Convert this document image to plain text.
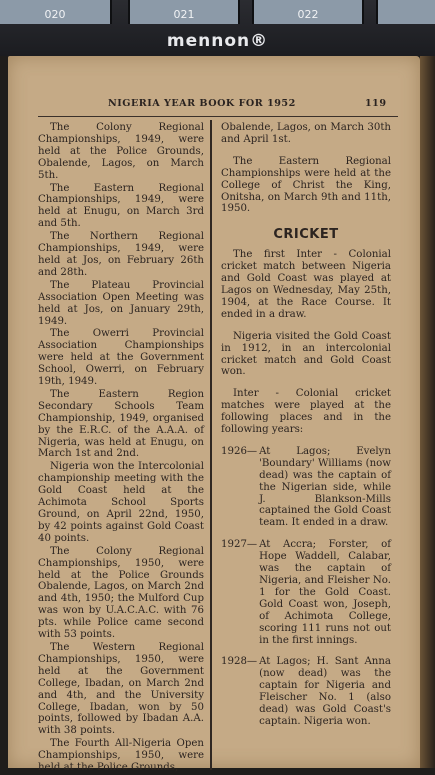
020	021	022
mennon®
NIGERIA YEAR BOOK FOR 1952	119

The Colony Regional Championships, 1949, were held at the Police Grounds, Obalende, Lagos, on March 5th.

The Eastern Regional Championships, 1949, were held at Enugu, on March 3rd and 5th.

The Northern Regional Championships, 1949, were held at Jos, on February 26th and 28th.

The Plateau Provincial Association Open Meeting was held at Jos, on January 29th, 1949.

The Owerri Provincial Association Championships were held at the Government School, Owerri, on February 19th, 1949.

The Eastern Region Secondary Schools Team Championship, 1949, organised by the E.R.C. of the A.A.A. of Nigeria, was held at Enugu, on March 1st and 2nd.

Nigeria won the Intercolonial championship meeting with the Gold Coast held at the Achimota School Sports Ground, on April 22nd, 1950, by 42 points against Gold Coast 40 points.

The Colony Regional Championships, 1950, were held at the Police Grounds Obalende, Lagos, on March 2nd and 4th, 1950; the Mulford Cup was won by U.A.C.A.C. with 76 pts. while Police came second with 53 points.

The Western Regional Championships, 1950, were held at the Government College, Ibadan, on March 2nd and 4th, and the University College, Ibadan, won by 50 points, followed by Ibadan A.A. with 38 points.

The Fourth All-Nigeria Open Championships, 1950, were held at the Police Grounds,

Obalende, Lagos, on March 30th and April 1st.

The Eastern Regional Championships were held at the College of Christ the King, Onitsha, on March 9th and 11th, 1950.

CRICKET

The first Inter - Colonial cricket match between Nigeria and Gold Coast was played at Lagos on Wednesday, May 25th, 1904, at the Race Course. It ended in a draw.

Nigeria visited the Gold Coast in 1912, in an intercolonial cricket match and Gold Coast won.

Inter - Colonial cricket matches were played at the following places and in the following years:

1926— At Lagos; Evelyn 'Boundary' Williams (now dead) was the captain of the Nigerian side, while J. Blankson-Mills captained the Gold Coast team. It ended in a draw.
1927— At Accra; Forster, of Hope Waddell, Calabar, was the captain of Nigeria, and Fleisher No. 1 for the Gold Coast. Gold Coast won, Joseph, of Achimota College, scoring 111 runs not out in the first innings.
1928— At Lagos; H. Sant Anna (now dead) was the captain for Nigeria and Fleischer No. 1 (also dead) was Gold Coast's captain. Nigeria won.
